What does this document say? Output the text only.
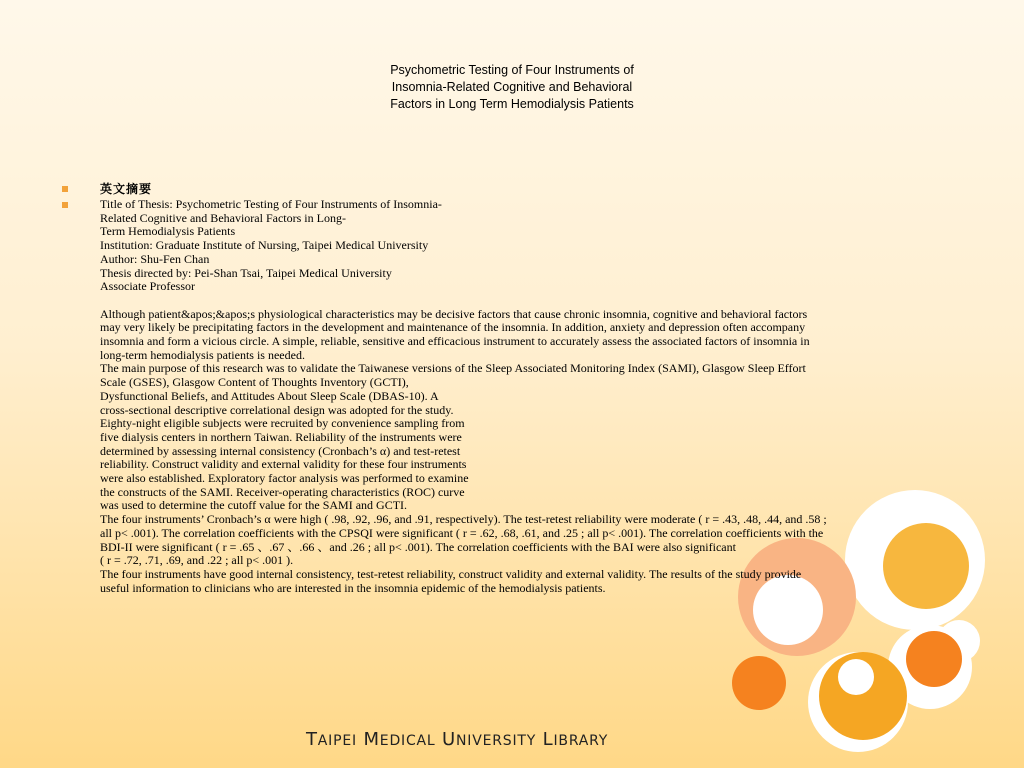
Psychometric Testing of Four Instruments of
Insomnia-Related Cognitive and Behavioral
Factors in Long Term Hemodialysis Patients
英文摘要
Title of Thesis: Psychometric Testing of Four Instruments of Insomnia-
Related Cognitive and Behavioral Factors in Long-
Term Hemodialysis Patients
Institution: Graduate Institute of Nursing, Taipei Medical University
Author: Shu-Fen Chan
Thesis directed by: Pei-Shan Tsai, Taipei Medical University
Associate Professor
Although patient&apos;&apos;s physiological characteristics may be decisive factors that cause chronic insomnia, cognitive and behavioral factors
may very likely be precipitating factors in the development and maintenance of the insomnia. In addition, anxiety and depression often accompany
insomnia and form a vicious circle. A simple, reliable, sensitive and efficacious instrument to accurately assess the associated factors of insomnia in
long-term hemodialysis patients is needed.
The main purpose of this research was to validate the Taiwanese versions of the Sleep Associated Monitoring Index (SAMI), Glasgow Sleep Effort
Scale (GSES), Glasgow Content of Thoughts Inventory (GCTI),
Dysfunctional Beliefs, and Attitudes About Sleep Scale (DBAS-10). A
cross-sectional descriptive correlational design was adopted for the study.
Eighty-night eligible subjects were recruited by convenience sampling from
five dialysis centers in northern Taiwan. Reliability of the instruments were
determined by assessing internal consistency (Cronbach’s α) and test-retest
reliability. Construct validity and external validity for these four instruments
were also established. Exploratory factor analysis was performed to examine
the constructs of the SAMI. Receiver-operating characteristics (ROC) curve
was used to determine the cutoff value for the SAMI and GCTI.
The four instruments’ Cronbach’s α were high ( .98, .92, .96, and .91, respectively). The test-retest reliability were moderate ( r = .43, .48, .44, and .58 ;
all p< .001). The correlation coefficients with the CPSQI were significant ( r = .62, .68, .61, and .25 ; all p< .001). The correlation coefficients with the
BDI-II were significant ( r = .65 、.67 、.66 、and .26 ; all p< .001). The correlation coefficients with the BAI were also significant
( r = .72, .71, .69, and .22 ; all p< .001 ).
The four instruments have good internal consistency, test-retest reliability, construct validity and external validity. The results of the study provide
useful information to clinicians who are interested in the insomnia epidemic of the hemodialysis patients.
TAIPEI MEDICAL UNIVERSITY LIBRARY
